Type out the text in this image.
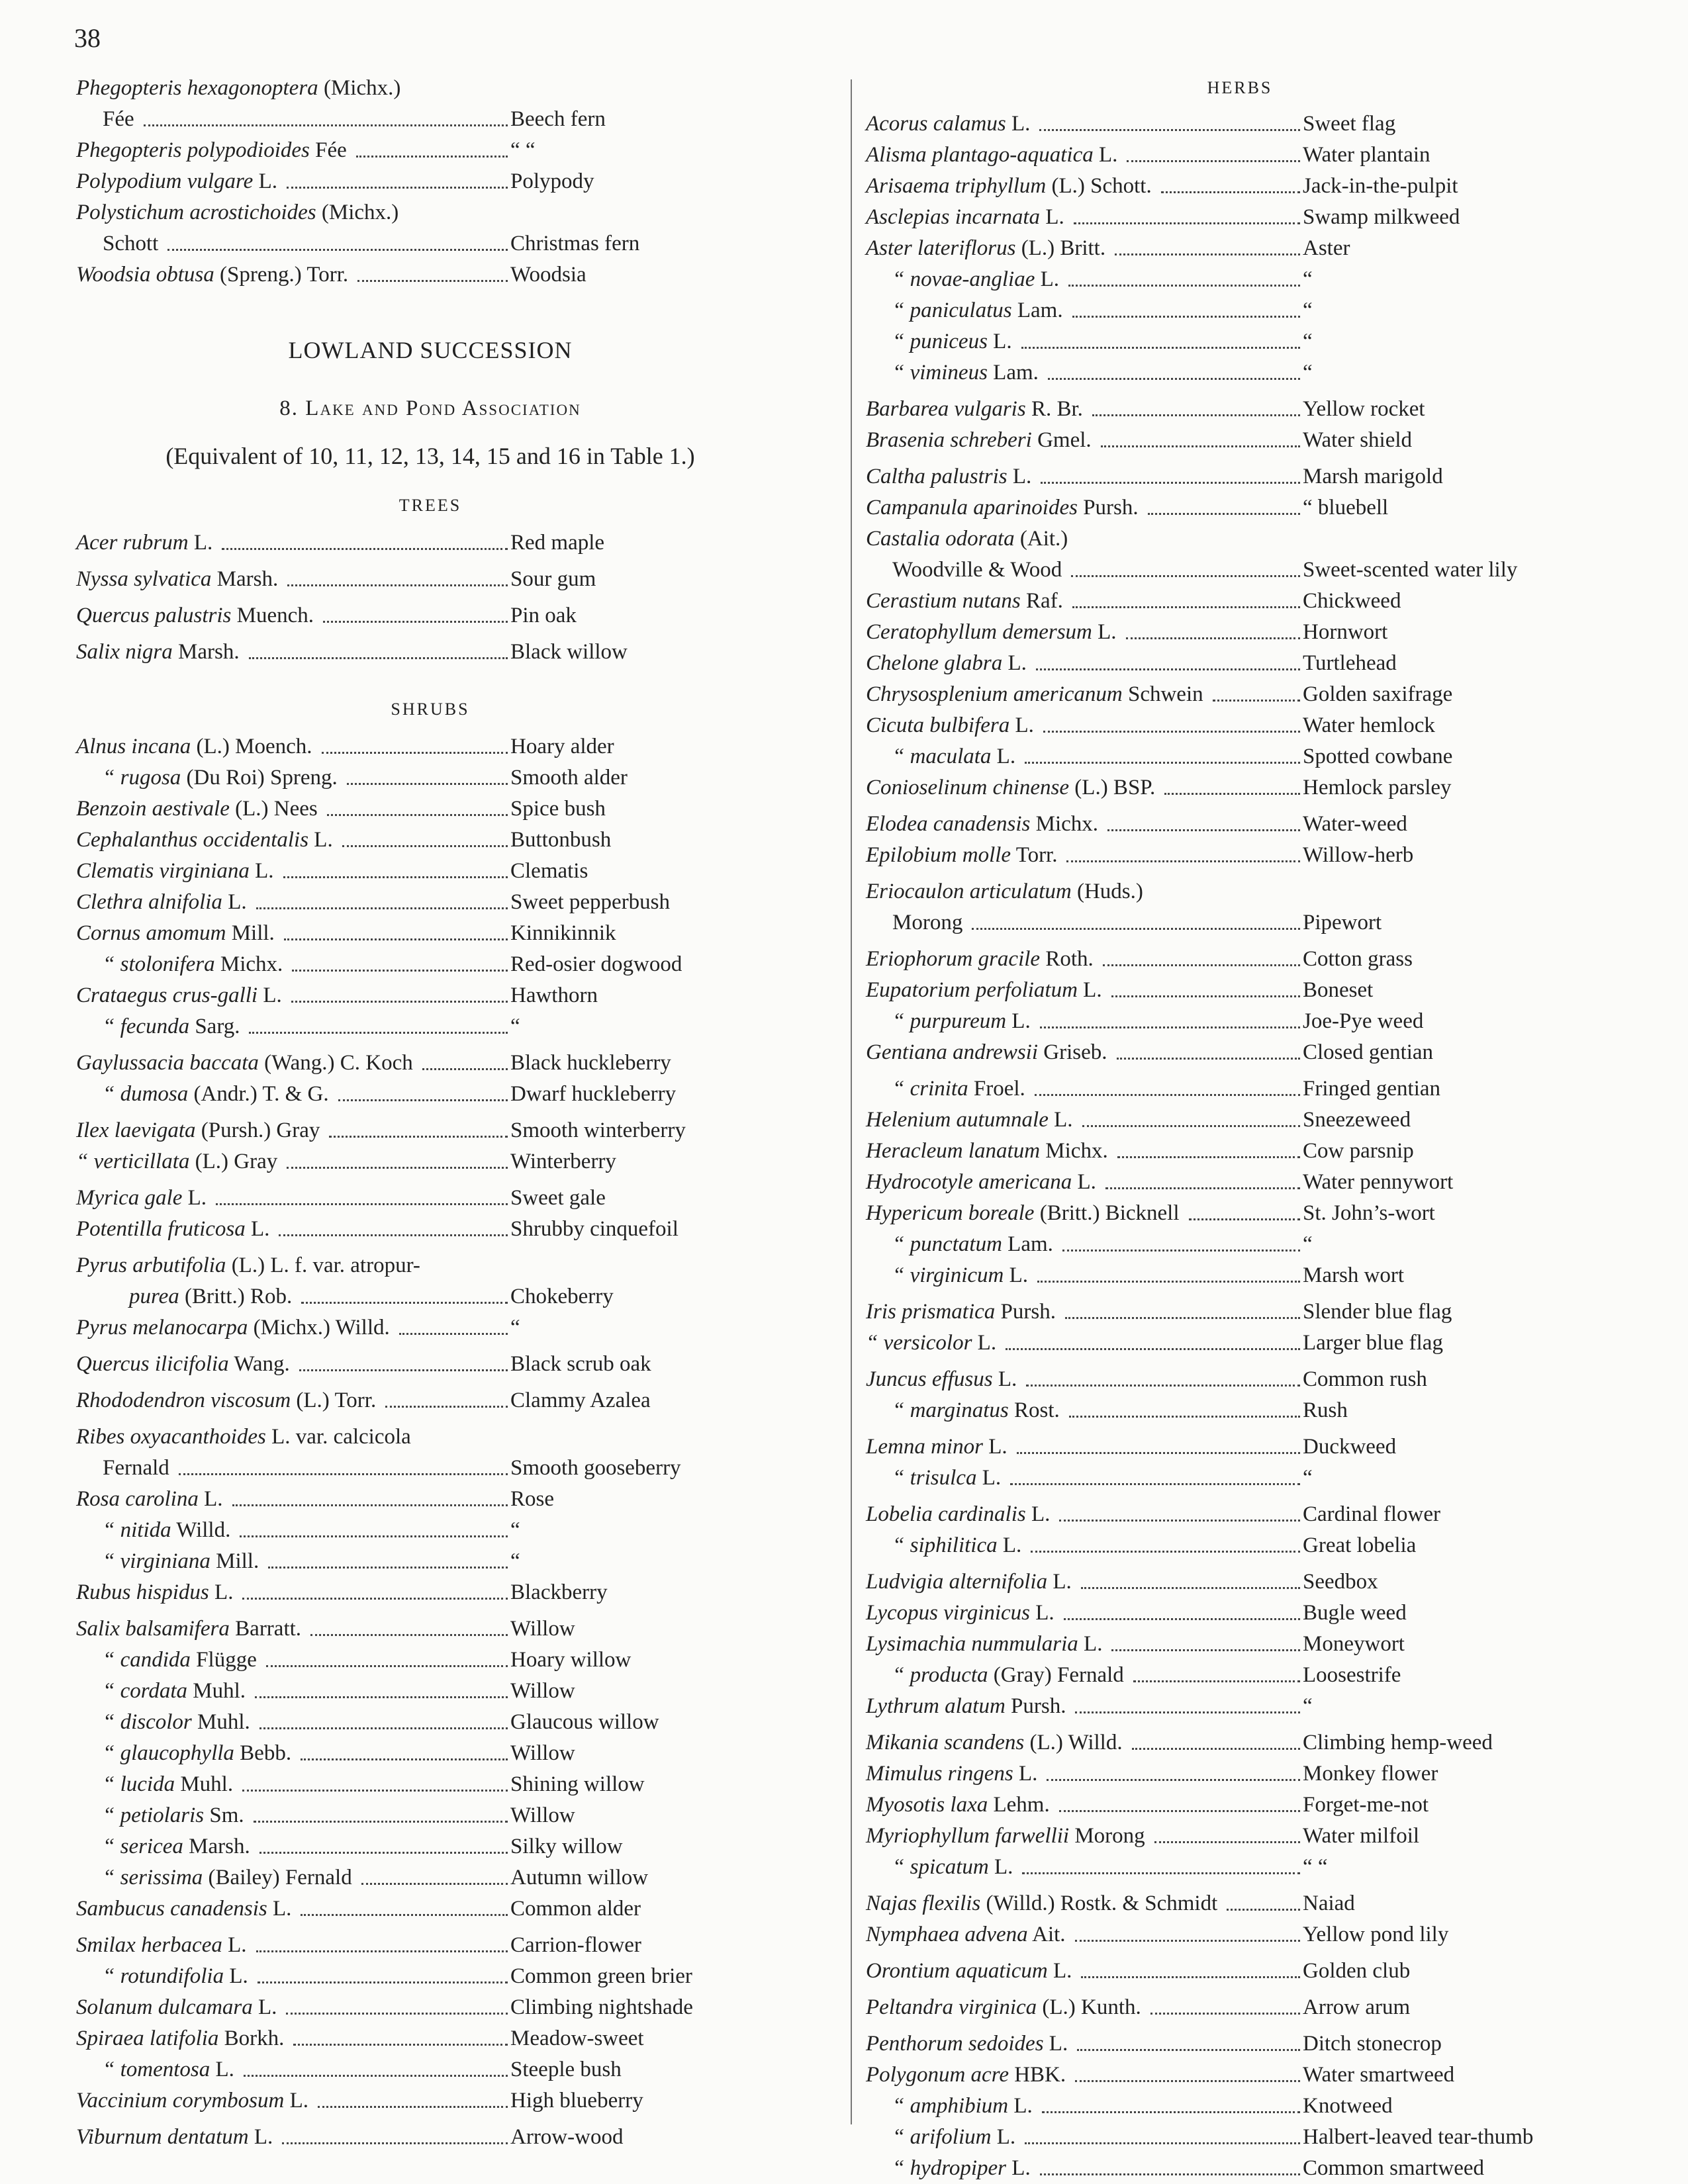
38
Phegopteris hexagonoptera (Michx.)
Fée	Beech fern
Phegopteris polypodioides Fée	“ “
Polypodium vulgare L.	Polypody
Polystichum acrostichoides (Michx.)
Schott	Christmas fern
Woodsia obtusa (Spreng.) Torr.	Woodsia
LOWLAND SUCCESSION
8. Lake and Pond Association
(Equivalent of 10, 11, 12, 13, 14, 15 and 16 in Table 1.)
TREES
Acer rubrum L.	Red maple
Nyssa sylvatica Marsh.	Sour gum
Quercus palustris Muench.	Pin oak
Salix nigra Marsh.	Black willow
SHRUBS
Alnus incana (L.) Moench.	Hoary alder
“ rugosa (Du Roi) Spreng.	Smooth alder
Benzoin aestivale (L.) Nees	Spice bush
Cephalanthus occidentalis L.	Buttonbush
Clematis virginiana L.	Clematis
Clethra alnifolia L.	Sweet pepperbush
Cornus amomum Mill.	Kinnikinnik
“ stolonifera Michx.	Red-osier dogwood
Crataegus crus-galli L.	Hawthorn
“ fecunda Sarg.	“
Gaylussacia baccata (Wang.) C. Koch	Black huckleberry
“ dumosa (Andr.) T. & G.	Dwarf huckleberry
Ilex laevigata (Pursh.) Gray	Smooth winterberry
“ verticillata (L.) Gray	Winterberry
Myrica gale L.	Sweet gale
Potentilla fruticosa L.	Shrubby cinquefoil
Pyrus arbutifolia (L.) L. f. var. atropur-
purea (Britt.) Rob.	Chokeberry
Pyrus melanocarpa (Michx.) Willd.	“
Quercus ilicifolia Wang.	Black scrub oak
Rhododendron viscosum (L.) Torr.	Clammy Azalea
Ribes oxyacanthoides L. var. calcicola
Fernald	Smooth gooseberry
Rosa carolina L.	Rose
“ nitida Willd.	“
“ virginiana Mill.	“
Rubus hispidus L.	Blackberry
Salix balsamifera Barratt.	Willow
“ candida Flügge	Hoary willow
“ cordata Muhl.	Willow
“ discolor Muhl.	Glaucous willow
“ glaucophylla Bebb.	Willow
“ lucida Muhl.	Shining willow
“ petiolaris Sm.	Willow
“ sericea Marsh.	Silky willow
“ serissima (Bailey) Fernald	Autumn willow
Sambucus canadensis L.	Common alder
Smilax herbacea L.	Carrion-flower
“ rotundifolia L.	Common green brier
Solanum dulcamara L.	Climbing nightshade
Spiraea latifolia Borkh.	Meadow-sweet
“ tomentosa L.	Steeple bush
Vaccinium corymbosum L.	High blueberry
Viburnum dentatum L.	Arrow-wood
HERBS
Acorus calamus L.	Sweet flag
Alisma plantago-aquatica L.	Water plantain
Arisaema triphyllum (L.) Schott.	Jack-in-the-pulpit
Asclepias incarnata L.	Swamp milkweed
Aster lateriflorus (L.) Britt.	Aster
“ novae-angliae L.	“
“ paniculatus Lam.	“
“ puniceus L.	“
“ vimineus Lam.	“
Barbarea vulgaris R. Br.	Yellow rocket
Brasenia schreberi Gmel.	Water shield
Caltha palustris L.	Marsh marigold
Campanula aparinoides Pursh.	“ bluebell
Castalia odorata (Ait.)
Woodville & Wood	Sweet-scented water lily
Cerastium nutans Raf.	Chickweed
Ceratophyllum demersum L.	Hornwort
Chelone glabra L.	Turtlehead
Chrysosplenium americanum Schwein	Golden saxifrage
Cicuta bulbifera L.	Water hemlock
“ maculata L.	Spotted cowbane
Conioselinum chinense (L.) BSP.	Hemlock parsley
Elodea canadensis Michx.	Water-weed
Epilobium molle Torr.	Willow-herb
Eriocaulon articulatum (Huds.)
Morong	Pipewort
Eriophorum gracile Roth.	Cotton grass
Eupatorium perfoliatum L.	Boneset
“ purpureum L.	Joe-Pye weed
Gentiana andrewsii Griseb.	Closed gentian
“ crinita Froel.	Fringed gentian
Helenium autumnale L.	Sneezeweed
Heracleum lanatum Michx.	Cow parsnip
Hydrocotyle americana L.	Water pennywort
Hypericum boreale (Britt.) Bicknell	St. John’s-wort
“ punctatum Lam.	“
“ virginicum L.	Marsh wort
Iris prismatica Pursh.	Slender blue flag
“ versicolor L.	Larger blue flag
Juncus effusus L.	Common rush
“ marginatus Rost.	Rush
Lemna minor L.	Duckweed
“ trisulca L.	“
Lobelia cardinalis L.	Cardinal flower
“ siphilitica L.	Great lobelia
Ludvigia alternifolia L.	Seedbox
Lycopus virginicus L.	Bugle weed
Lysimachia nummularia L.	Moneywort
“ producta (Gray) Fernald	Loosestrife
Lythrum alatum Pursh.	“
Mikania scandens (L.) Willd.	Climbing hemp-weed
Mimulus ringens L.	Monkey flower
Myosotis laxa Lehm.	Forget-me-not
Myriophyllum farwellii Morong	Water milfoil
“ spicatum L.	“ “
Najas flexilis (Willd.) Rostk. & Schmidt	Naiad
Nymphaea advena Ait.	Yellow pond lily
Orontium aquaticum L.	Golden club
Peltandra virginica (L.) Kunth.	Arrow arum
Penthorum sedoides L.	Ditch stonecrop
Polygonum acre HBK.	Water smartweed
“ amphibium L.	Knotweed
“ arifolium L.	Halbert-leaved tear-thumb
“ hydropiper L.	Common smartweed
